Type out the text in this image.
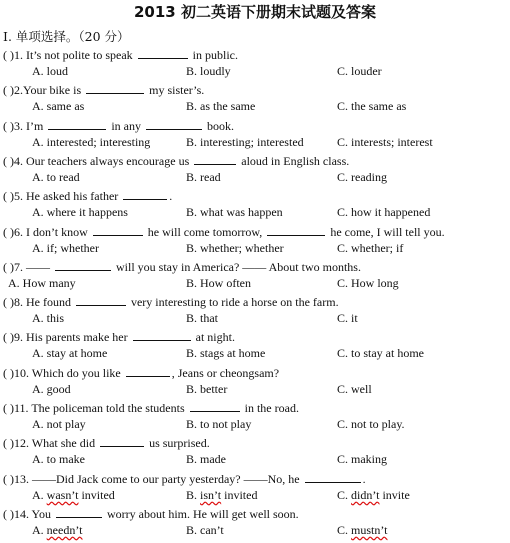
2013 初二英语下册期末试题及答案
Ⅰ. 单项选择。（20 分）
( )1. It’s not polite to speak	in public.
A. loud	B. loudly	C. louder
( )2.Your bike is	my sister’s.
A. same as	B. as the same	C. the same as
( )3. I’m	in any	book.
A. interested; interesting	B. interesting; interested	C. interests; interest
( )4. Our teachers always encourage us	aloud in English class.
A. to read	B. read	C. reading
( )5. He asked his father	.
A. where it happens	B. what was happen	C. how it happened
( )6. I don’t know	he will come tomorrow,	he come, I will tell you.
A. if; whether	B. whether; whether	C. whether; if
( )7. ——	will you stay in America? —— About two months.
A. How many	B. How often	C. How long
( )8. He found	very interesting to ride a horse on the farm.
A. this	B. that	C. it
( )9. His parents make her	at night.
A. stay at home	B. stags at home	C. to stay at home
( )10. Which do you like	, Jeans or cheongsam?
A. good	B. better	C. well
( )11. The policeman told the students	in the road.
A. not play	B. to not play	C. not to play.
( )12. What she did	us surprised.
A. to make	B. made	C. making
( )13. ——Did Jack come to our party yesterday? ——No, he	.
A. wasn’t invited	B. isn’t invited	C. didn’t invite
( )14. You	worry about him. He will get well soon.
A. needn’t	B. can’t	C. mustn’t
